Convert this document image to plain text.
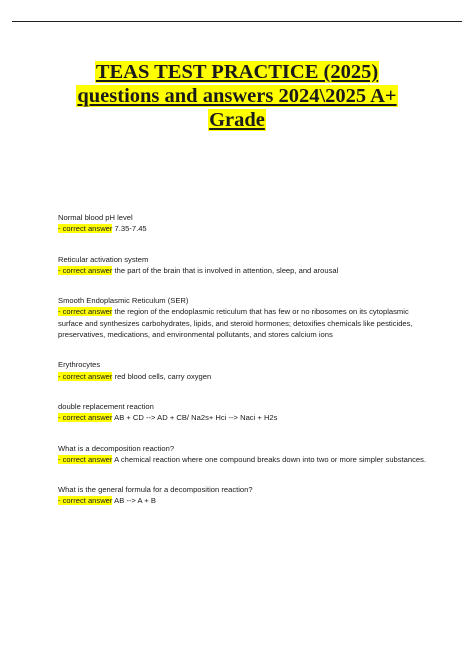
TEAS TEST PRACTICE (2025)
questions and answers 2024\2025 A+
Grade
Normal blood pH level
- correct answer 7.35-7.45
Reticular activation system
- correct answer the part of the brain that is involved in attention, sleep, and arousal
Smooth Endoplasmic Reticulum (SER)
- correct answer the region of the endoplasmic reticulum that has few or no ribosomes on its cytoplasmic surface and synthesizes carbohydrates, lipids, and steroid hormones; detoxifies chemicals like pesticides, preservatives, medications, and environmental pollutants, and stores calcium ions
Erythrocytes
- correct answer red blood cells, carry oxygen
double replacement reaction
- correct answer AB + CD --> AD + CB/ Na2s+ Hci --> Naci + H2s
What is a decomposition reaction?
- correct answer A chemical reaction where one compound breaks down into two or more simpler substances.
What is the general formula for a decomposition reaction?
- correct answer AB --> A + B
